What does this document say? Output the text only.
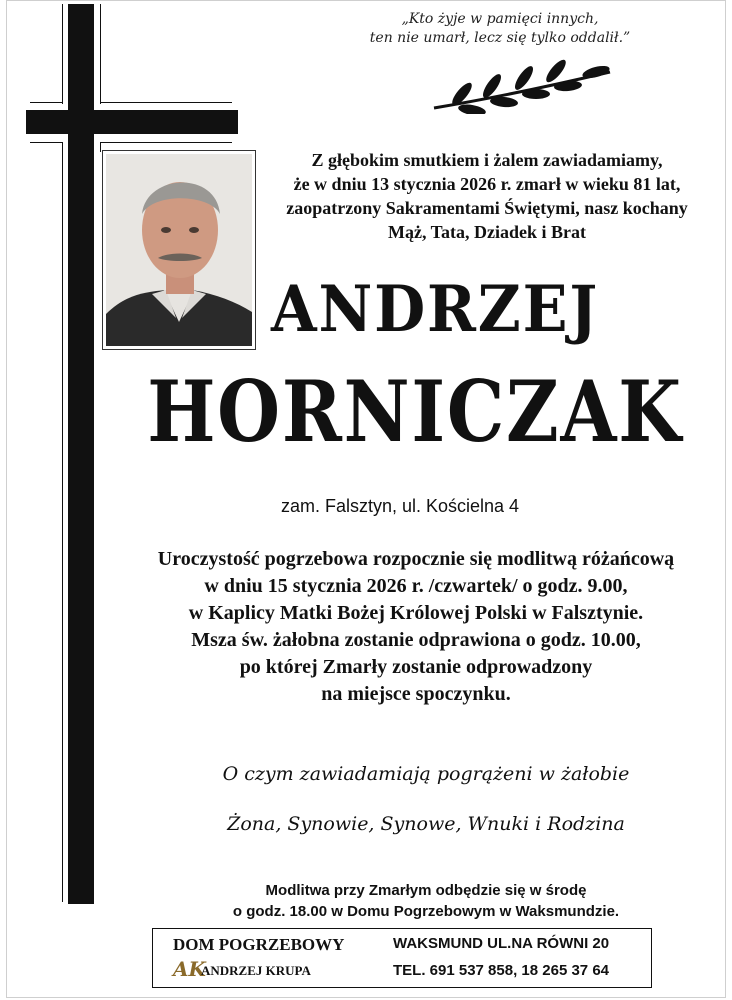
„Kto żyje w pamięci innych,
ten nie umarł, lecz się tylko oddalił.”
Z głębokim smutkiem i żalem zawiadamiamy,
że w dniu 13 stycznia 2026 r. zmarł w wieku 81 lat,
zaopatrzony Sakramentami Świętymi, nasz kochany
Mąż, Tata, Dziadek i Brat
ANDRZEJ
HORNICZAK
zam. Falsztyn, ul. Kościelna 4
Uroczystość pogrzebowa rozpocznie się modlitwą różańcową
w dniu 15 stycznia 2026 r. /czwartek/ o godz. 9.00,
w Kaplicy Matki Bożej Królowej Polski w Falsztynie.
Msza św. żałobna zostanie odprawiona o godz. 10.00,
po której Zmarły zostanie odprowadzony
na miejsce spoczynku.
O czym zawiadamiają pogrążeni w żałobie
Żona, Synowie, Synowe, Wnuki i Rodzina
Modlitwa przy Zmarłym odbędzie się w środę
o godz. 18.00 w Domu Pogrzebowym w Waksmundzie.
DOM POGRZEBOWY
AK
ANDRZEJ KRUPA
WAKSMUND UL.NA RÓWNI 20
TEL. 691 537 858, 18 265 37 64
